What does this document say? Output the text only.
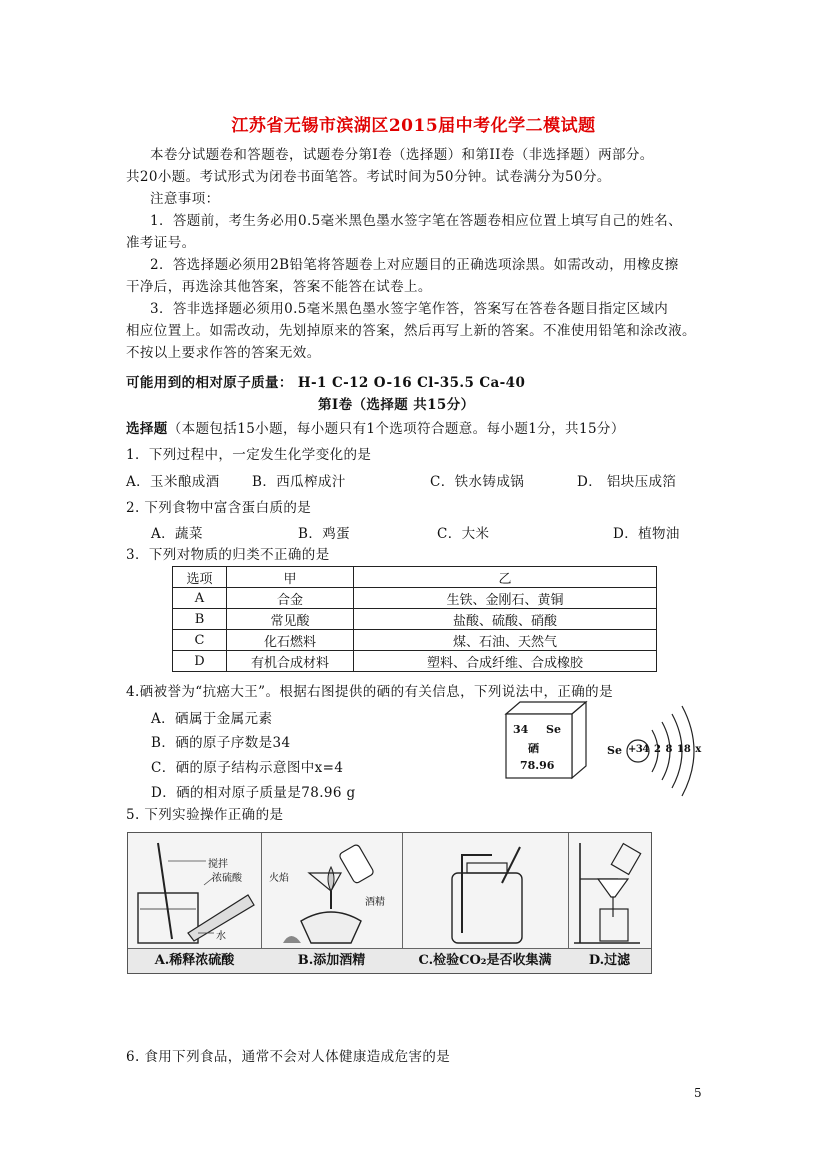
江苏省无锡市滨湖区2015届中考化学二模试题
本卷分试题卷和答题卷，试题卷分第Ⅰ卷（选择题）和第II卷（非选择题）两部分。
共20小题。考试形式为闭卷书面笔答。考试时间为50分钟。试卷满分为50分。
注意事项：
1．答题前，考生务必用0.5毫米黑色墨水签字笔在答题卷相应位置上填写自己的姓名、
准考证号。
2．答选择题必须用2B铅笔将答题卷上对应题目的正确选项涂黑。如需改动，用橡皮擦
干净后，再选涂其他答案，答案不能答在试卷上。
3．答非选择题必须用0.5毫米黑色墨水签字笔作答，答案写在答卷各题目指定区域内
相应位置上。如需改动，先划掉原来的答案，然后再写上新的答案。不准使用铅笔和涂改液。
不按以上要求作答的答案无效。
可能用到的相对原子质量： H-1 C-12 O-16 Cl-35.5 Ca-40
第Ⅰ卷（选择题 共15分）
选择题（本题包括15小题，每小题只有1个选项符合题意。每小题1分，共15分）
1．下列过程中，一定发生化学变化的是
A．玉米酿成酒 B．西瓜榨成汁	C．铁水铸成锅	D． 铝块压成箔
2. 下列食物中富含蛋白质的是
A．蔬菜	B．鸡蛋	C．大米	D．植物油
3．下列对物质的归类不正确的是
选项	甲	乙
A	合金	生铁、金刚石、黄铜
B	常见酸	盐酸、硫酸、硝酸
C	化石燃料	煤、石油、天然气
D	有机合成材料	塑料、合成纤维、合成橡胶
4.硒被誉为“抗癌大王”。根据右图提供的硒的有关信息，下列说法中，正确的是
A．硒属于金属元素
B．硒的原子序数是34
C．硒的原子结构示意图中x=4
D．硒的相对原子质量是78.96 g
34 Se
硒
78.96
Se +34 2 8 18 x
5. 下列实验操作正确的是
搅拌
浓硫酸
水
A.稀释浓硫酸
火焰
酒精
B.添加酒精	C.检验CO₂是否收集满	D.过滤
6. 食用下列食品，通常不会对人体健康造成危害的是
5
